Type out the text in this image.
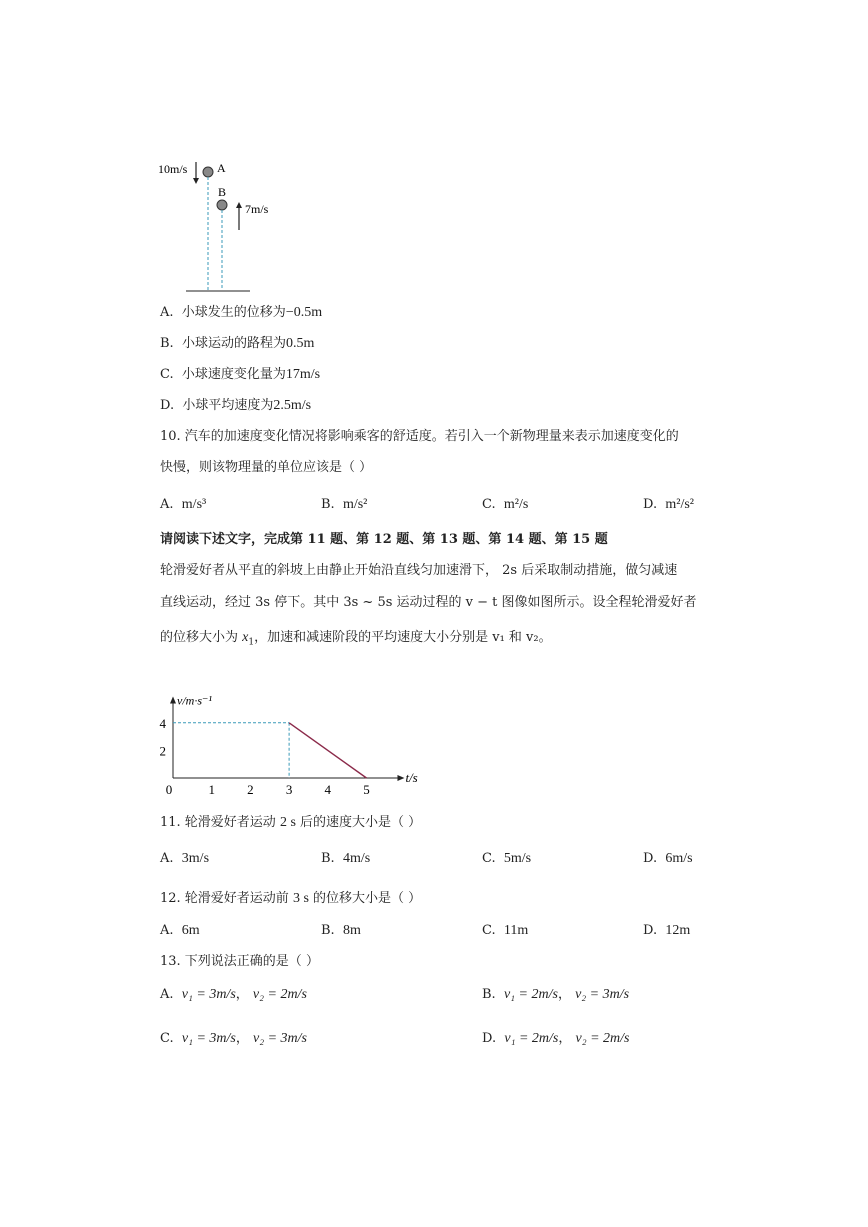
10m/s A
B
7m/s
A. 小球发生的位移为−0.5m
B. 小球运动的路程为0.5m
C. 小球速度变化量为17m/s
D. 小球平均速度为2.5m/s
10. 汽车的加速度变化情况将影响乘客的舒适度。若引入一个新物理量来表示加速度变化的
快慢，则该物理量的单位应该是（ ）
A. m/s³	B. m/s²	C. m²/s	D. m²/s²
请阅读下述文字，完成第 11 题、第 12 题、第 13 题、第 14 题、第 15 题
轮滑爱好者从平直的斜坡上由静止开始沿直线匀加速滑下， 2s 后采取制动措施，做匀减速
直线运动，经过 3s 停下。其中 3s ~ 5s 运动过程的 v − t 图像如图所示。设全程轮滑爱好者
的位移大小为 $x_1$，加速和减速阶段的平均速度大小分别是 v₁ 和 v₂。
v/m·s⁻¹
t/s
0	1 2 3 4 5
2
4
11. 轮滑爱好者运动 2 s 后的速度大小是（ ）
A. 3m/s	B. 4m/s	C. 5m/s	D. 6m/s
12. 轮滑爱好者运动前 3 s 的位移大小是（ ）
A. 6m	B. 8m	C. 11m	D. 12m
13. 下列说法正确的是（ ）
A. v₁ = 3m/s， v₂ = 2m/s	B. v₁ = 2m/s， v₂ = 3m/s
C. v₁ = 3m/s， v₂ = 3m/s	D. v₁ = 2m/s， v₂ = 2m/s
